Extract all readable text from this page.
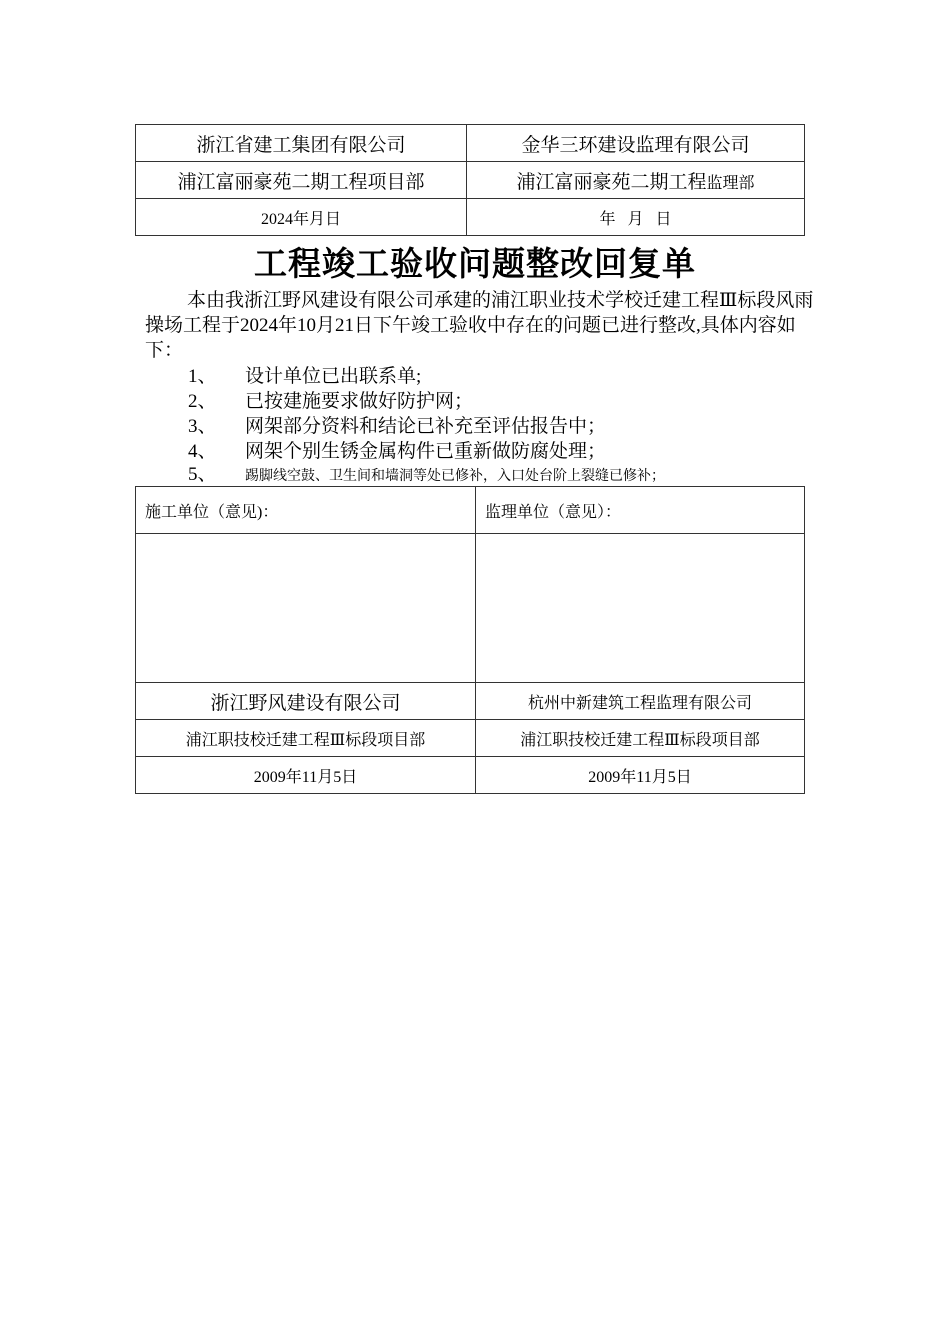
浙江省建工集团有限公司	金华三环建设监理有限公司
浦江富丽豪苑二期工程项目部	浦江富丽豪苑二期工程监理部
2024年月日	年   月   日
工程竣工验收问题整改回复单
本由我浙江野风建设有限公司承建的浦江职业技术学校迁建工程Ⅲ标段风雨操场工程于2024年10月21日下午竣工验收中存在的问题已进行整改,具体内容如下：
1、 设计单位已出联系单;
2、 已按建施要求做好防护网；
3、 网架部分资料和结论已补充至评估报告中；
4、 网架个别生锈金属构件已重新做防腐处理；
5、 踢脚线空鼓、卫生间和墙洞等处已修补，入口处台阶上裂缝已修补；
施工单位（意见)：	监理单位（意见）：

浙江野风建设有限公司	杭州中新建筑工程监理有限公司
浦江职技校迁建工程Ⅲ标段项目部	浦江职技校迁建工程Ⅲ标段项目部
2009年11月5日	2009年11月5日
